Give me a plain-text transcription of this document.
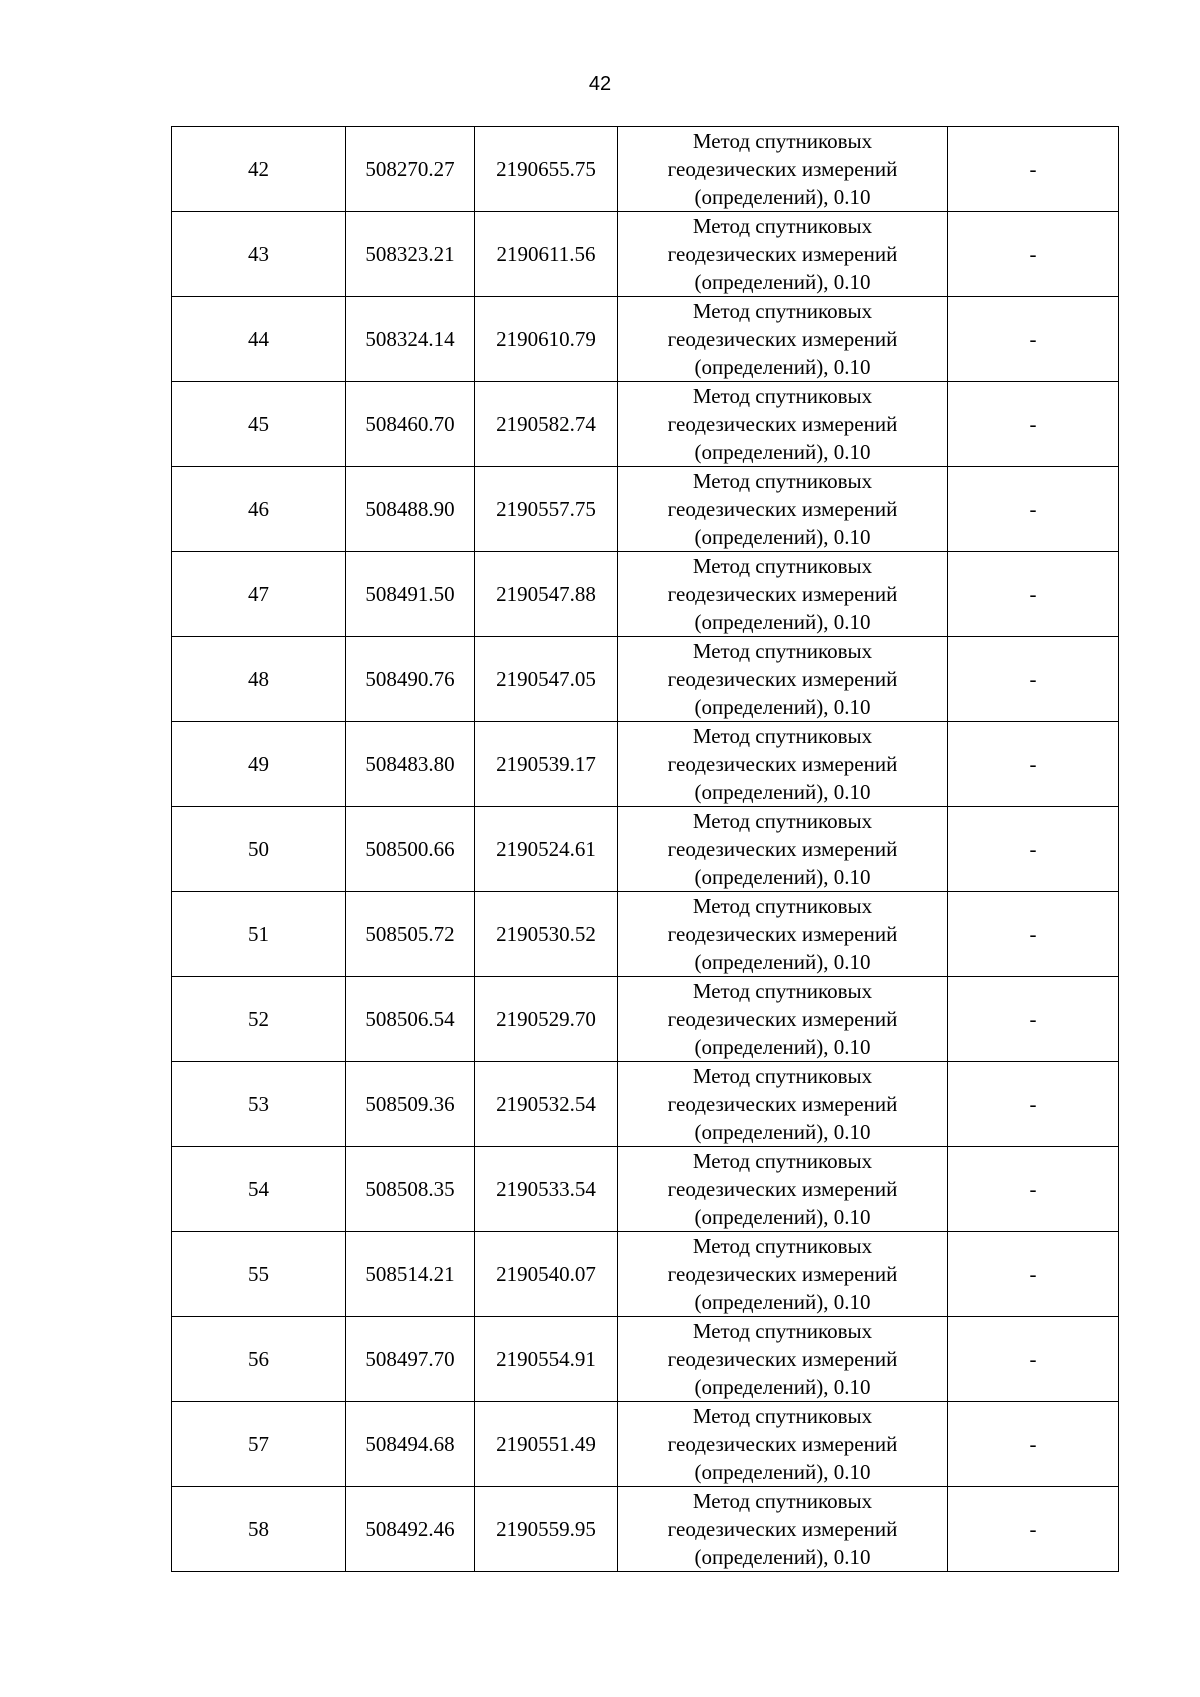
42
42	508270.27	2190655.75	Метод спутниковых
геодезических измерений
(определений), 0.10	-
43	508323.21	2190611.56	Метод спутниковых
геодезических измерений
(определений), 0.10	-
44	508324.14	2190610.79	Метод спутниковых
геодезических измерений
(определений), 0.10	-
45	508460.70	2190582.74	Метод спутниковых
геодезических измерений
(определений), 0.10	-
46	508488.90	2190557.75	Метод спутниковых
геодезических измерений
(определений), 0.10	-
47	508491.50	2190547.88	Метод спутниковых
геодезических измерений
(определений), 0.10	-
48	508490.76	2190547.05	Метод спутниковых
геодезических измерений
(определений), 0.10	-
49	508483.80	2190539.17	Метод спутниковых
геодезических измерений
(определений), 0.10	-
50	508500.66	2190524.61	Метод спутниковых
геодезических измерений
(определений), 0.10	-
51	508505.72	2190530.52	Метод спутниковых
геодезических измерений
(определений), 0.10	-
52	508506.54	2190529.70	Метод спутниковых
геодезических измерений
(определений), 0.10	-
53	508509.36	2190532.54	Метод спутниковых
геодезических измерений
(определений), 0.10	-
54	508508.35	2190533.54	Метод спутниковых
геодезических измерений
(определений), 0.10	-
55	508514.21	2190540.07	Метод спутниковых
геодезических измерений
(определений), 0.10	-
56	508497.70	2190554.91	Метод спутниковых
геодезических измерений
(определений), 0.10	-
57	508494.68	2190551.49	Метод спутниковых
геодезических измерений
(определений), 0.10	-
58	508492.46	2190559.95	Метод спутниковых
геодезических измерений
(определений), 0.10	-
